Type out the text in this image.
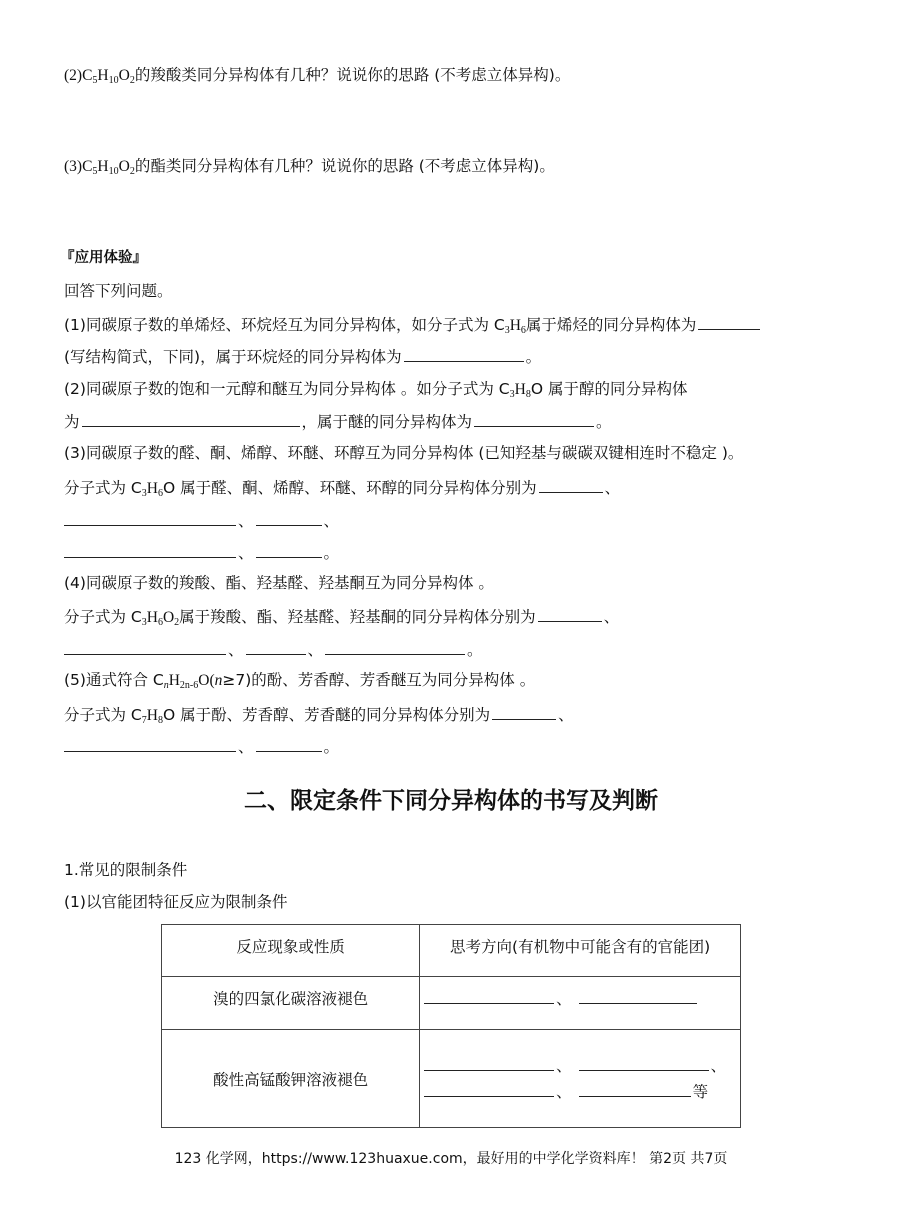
$(2)C_5H_{10}O_2$的羧酸类同分异构体有几种？说说你的思路 (不考虑立体异构)。
$(3)C_5H_{10}O_2$的酯类同分异构体有几种？说说你的思路 (不考虑立体异构)。
『应用体验』
回答下列问题。
(1)同碳原子数的单烯烃、环烷烃互为同分异构体，如分子式为 $C_3H_6$属于烯烃的同分异构体为
(写结构简式，下同)，属于环烷烃的同分异构体为	。
(2)同碳原子数的饱和一元醇和醚互为同分异构体 。如分子式为 $C_3H_8O$ 属于醇的同分异构体
为	，属于醚的同分异构体为	。
(3)同碳原子数的醛、酮、烯醇、环醚、环醇互为同分异构体 (已知羟基与碳碳双键相连时不稳定 )。
分子式为 $C_3H_6O$ 属于醛、酮、烯醇、环醚、环醇的同分异构体分别为	、
、	、
、	。
(4)同碳原子数的羧酸、酯、羟基醛、羟基酮互为同分异构体 。
分子式为 $C_3H_6O_2$属于羧酸、酯、羟基醛、羟基酮的同分异构体分别为	、
、	、	。
(5)通式符合 $C_nH_{2n-6}O(n\ge 7)$的酚、芳香醇、芳香醚互为同分异构体 。
分子式为 $C_7H_8O$ 属于酚、芳香醇、芳香醚的同分异构体分别为	、
、	。
二、限定条件下同分异构体的书写及判断
1.常见的限制条件
(1)以官能团特征反应为限制条件
反应现象或性质	思考方向(有机物中可能含有的官能团)
溴的四氯化碳溶液褪色	、
酸性高锰酸钾溶液褪色	、 、
、 等
123 化学网，https://www.123huaxue.com，最好用的中学化学资料库！ 第2页 共7页
